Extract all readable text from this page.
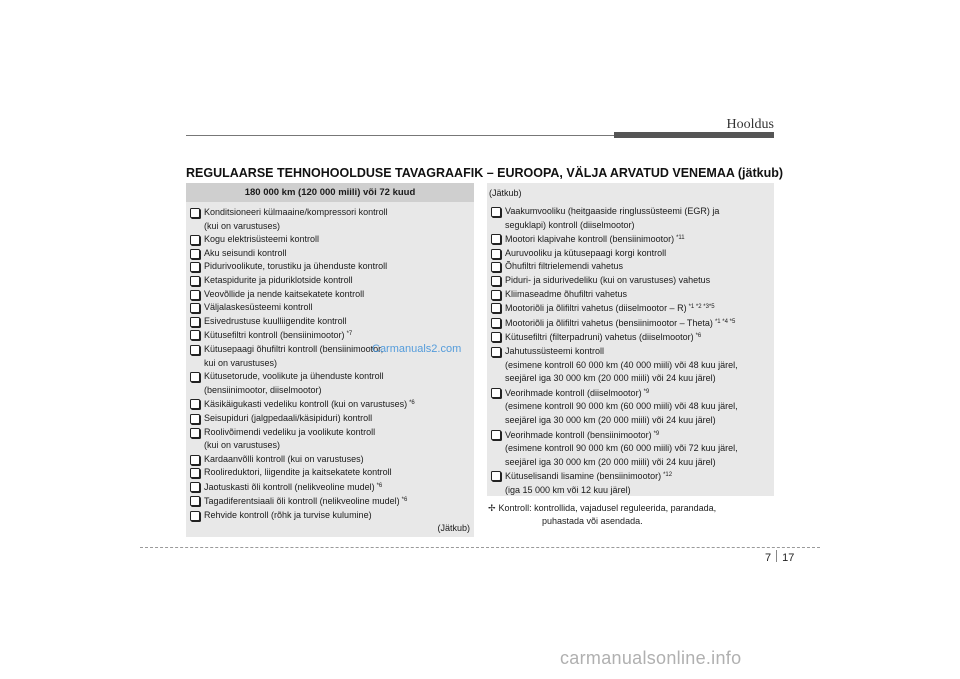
Hooldus
REGULAARSE TEHNOHOOLDUSE TAVAGRAAFIK – EUROOPA, VÄLJA ARVATUD VENEMAA (jätkub)
180 000 km (120 000 miili) või 72 kuud
Konditsioneeri külmaaine/kompressori kontroll
(kui on varustuses)
Kogu elektrisüsteemi kontroll
Aku seisundi kontroll
Pidurivoolikute, torustiku ja ühenduste kontroll
Ketaspidurite ja piduriklotside kontroll
Veovõllide ja nende kaitsekatete kontroll
Väljalaskesüsteemi kontroll
Esivedrustuse kuulliigendite kontroll
Kütusefiltri kontroll (bensiinimootor) $^{*7}$
Kütusepaagi õhufiltri kontroll (bensiinimootor,
kui on varustuses)
Kütusetorude, voolikute ja ühenduste kontroll
(bensiinimootor, diiselmootor)
Käsikäigukasti vedeliku kontroll (kui on varustuses) $^{*6}$
Seisupiduri (jalgpedaali/käsipiduri) kontroll
Roolivõimendi vedeliku ja voolikute kontroll
(kui on varustuses)
Kardaanvõlli kontroll (kui on varustuses)
Roolireduktori, liigendite ja kaitsekatete kontroll
Jaotuskasti õli kontroll (nelikveoline mudel) $^{*6}$
Tagadiferentsiaali õli kontroll (nelikveoline mudel) $^{*6}$
Rehvide kontroll (rõhk ja turvise kulumine)
(Jätkub)
(Jätkub)
Vaakumvooliku (heitgaaside ringlussüsteemi (EGR) ja
seguklapi) kontroll (diiselmootor)
Mootori klapivahe kontroll (bensiinimootor) $^{*11}$
Auruvooliku ja kütusepaagi korgi kontroll
Õhufiltri filtrielemendi vahetus
Piduri- ja sidurivedeliku (kui on varustuses) vahetus
Kliimaseadme õhufiltri vahetus
Mootoriõli ja õlifiltri vahetus (diiselmootor – R) $^{*1 *2 *3*5}$
Mootoriõli ja õlifiltri vahetus (bensiinimootor – Theta) $^{*1 *4 *5}$
Kütusefiltri (filterpadruni) vahetus (diiselmootor) $^{*6}$
Jahutussüsteemi kontroll
(esimene kontroll 60 000 km (40 000 miili) või 48 kuu järel,
seejärel iga 30 000 km (20 000 miili) või 24 kuu järel)
Veorihmade kontroll (diiselmootor) $^{*9}$
(esimene kontroll 90 000 km (60 000 miili) või 48 kuu järel,
seejärel iga 30 000 km (20 000 miili) või 24 kuu järel)
Veorihmade kontroll (bensiinimootor) $^{*9}$
(esimene kontroll 90 000 km (60 000 miili) või 72 kuu järel,
seejärel iga 30 000 km (20 000 miili) või 24 kuu järel)
Kütuselisandi lisamine (bensiinimootor) $^{*12}$
(iga 15 000 km või 12 kuu järel)
✢ Kontroll: kontrollida, vajadusel reguleerida, parandada,
puhastada või asendada.
7 17
Carmanuals2.com
carmanualsonline.info
